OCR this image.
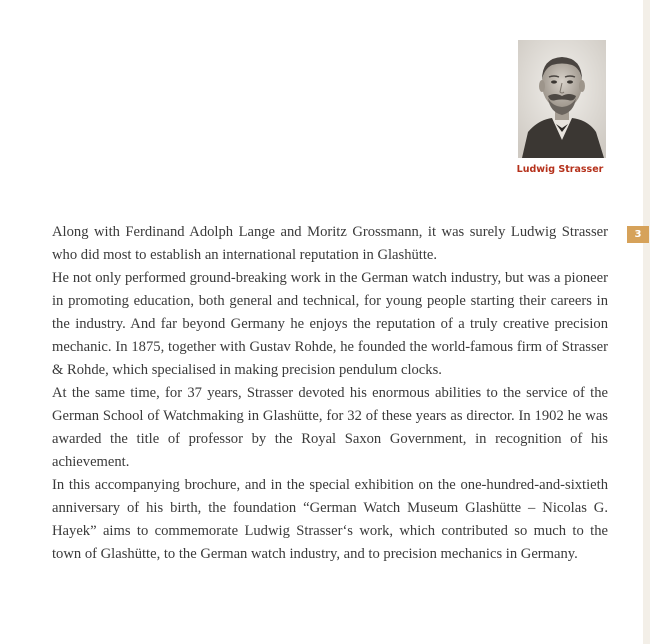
Ludwig Strasser
3

Along with Ferdinand Adolph Lange and Moritz Grossmann, it was surely Ludwig Strasser who did most to establish an international reputation in Glashütte.

He not only performed ground-breaking work in the German watch industry, but was a pioneer in promoting education, both general and technical, for young people starting their careers in the industry. And far beyond Germany he enjoys the reputation of a truly creative precision mechanic. In 1875, together with Gustav Rohde, he founded the world-famous firm of Strasser & Rohde, which specialised in making precision pendulum clocks.

At the same time, for 37 years, Strasser devoted his enormous abilities to the service of the German School of Watchmaking in Glashütte, for 32 of these years as director. In 1902 he was awarded the title of professor by the Royal Saxon Government, in recognition of his achievement.

In this accompanying brochure, and in the special exhibition on the one-hundred-and-sixtieth anniversary of his birth, the foundation “German Watch Museum Glashütte – Nicolas G. Hayek” aims to commemorate Ludwig Strasser‘s work, which contributed so much to the town of Glashütte, to the German watch industry, and to precision mechanics in Germany.
